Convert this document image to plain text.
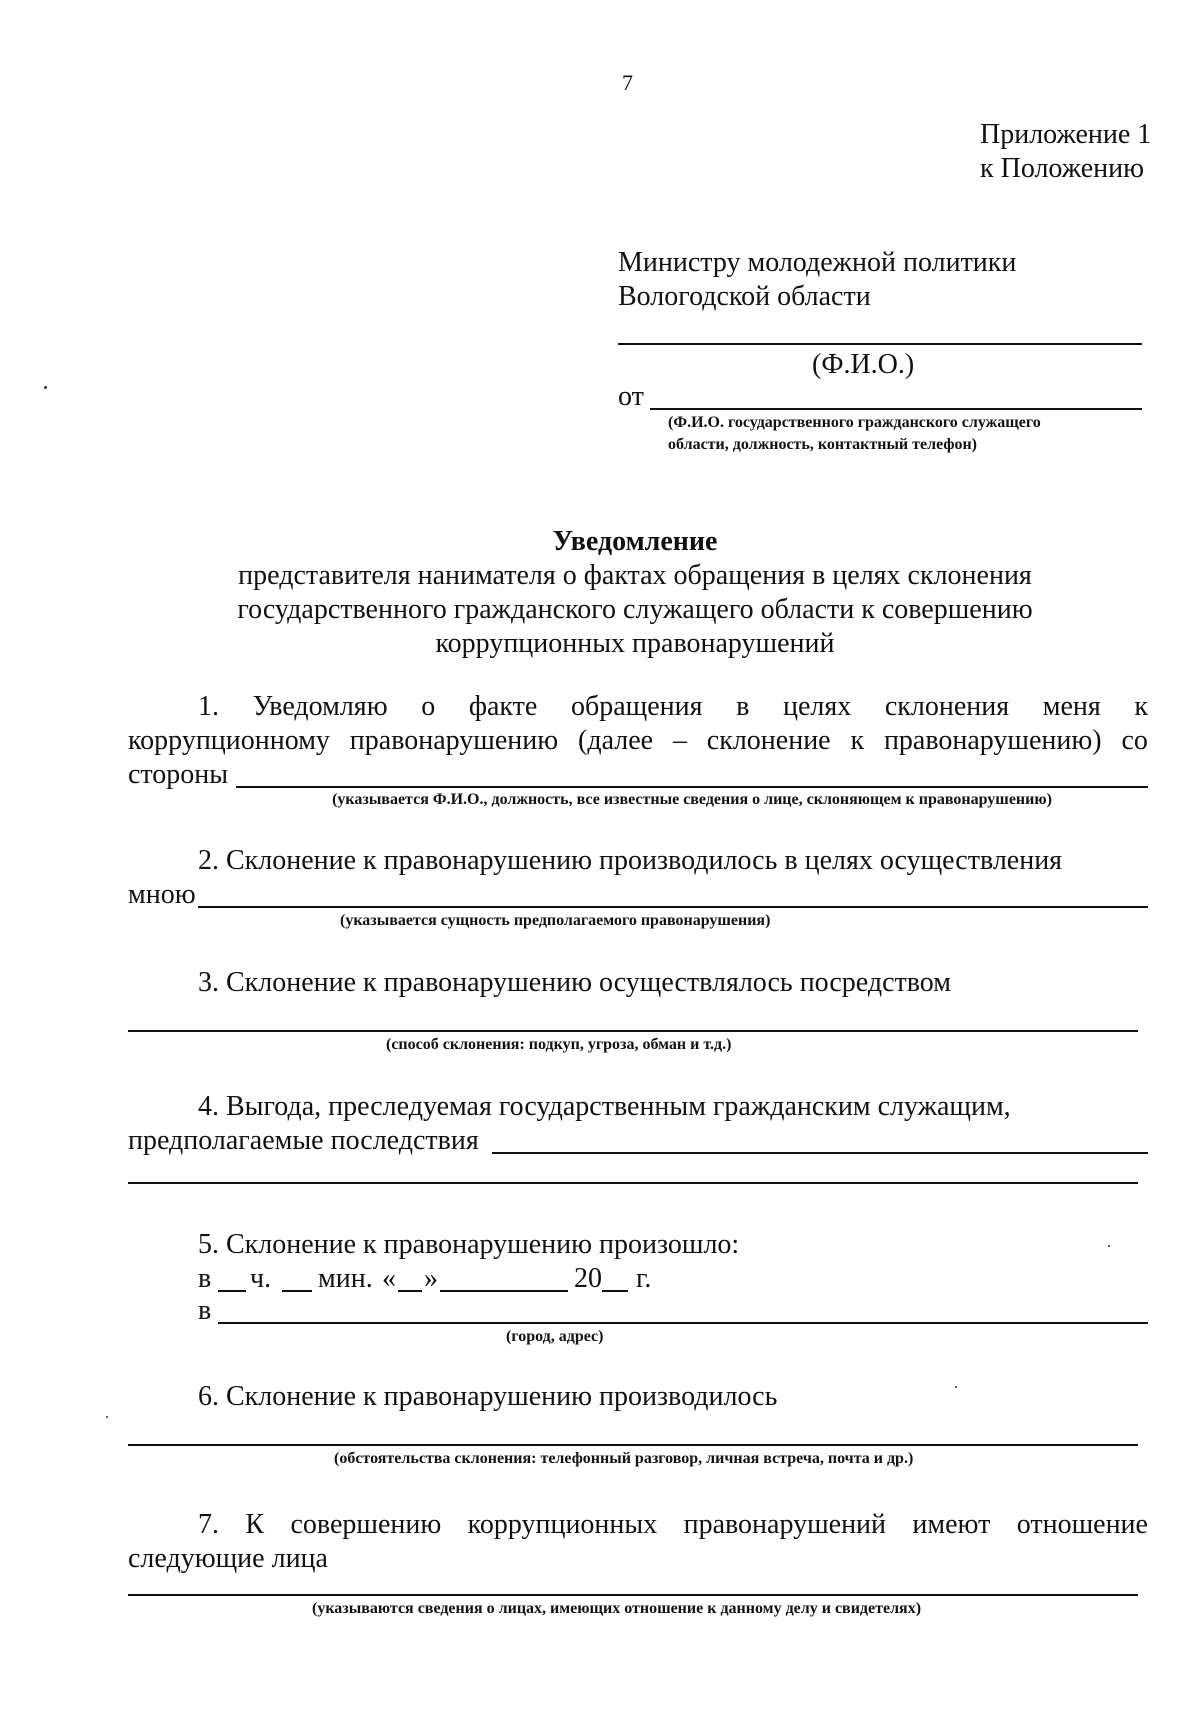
7
Приложение 1
к Положению
Министру молодежной политики
Вологодской области
(Ф.И.О.)
от
(Ф.И.О. государственного гражданского служащего
области, должность, контактный телефон)
Уведомление
представителя нанимателя о фактах обращения в целях склонения
государственного гражданского служащего области к совершению
коррупционных правонарушений
1. Уведомляю о факте обращения в целях склонения меня к
коррупционному правонарушению (далее – склонение к правонарушению) со
стороны
(указывается Ф.И.О., должность, все известные сведения о лице, склоняющем к правонарушению)
2. Склонение к правонарушению производилось в целях осуществления
мною
(указывается сущность предполагаемого правонарушения)
3. Склонение к правонарушению осуществлялось посредством
(способ склонения: подкуп, угроза, обман и т.д.)
4. Выгода, преследуемая государственным гражданским служащим,
предполагаемые последствия
5. Склонение к правонарушению произошло:
в ч. мин. « »	20 г.
в
(город, адрес)
6. Склонение к правонарушению производилось
(обстоятельства склонения: телефонный разговор, личная встреча, почта и др.)
7. К совершению коррупционных правонарушений имеют отношение
следующие лица
(указываются сведения о лицах, имеющих отношение к данному делу и свидетелях)
